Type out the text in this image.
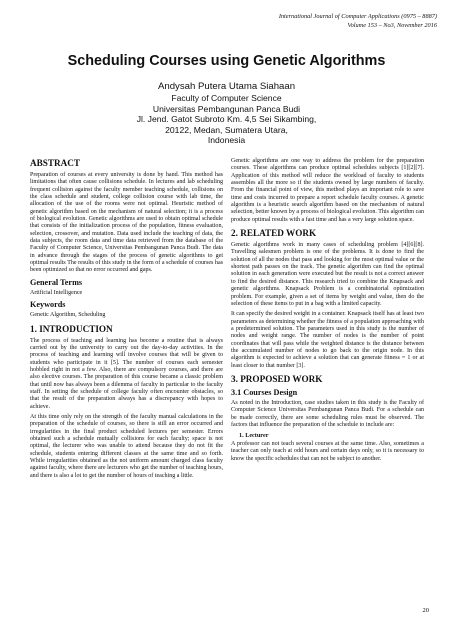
International Journal of Computer Applications (0975 – 8887)
Volume 153 – No3, November 2016
Scheduling Courses using Genetic Algorithms
Andysah Putera Utama Siahaan
Faculty of Computer Science
Universitas Pembangunan Panca Budi
Jl. Jend. Gatot Subroto Km. 4,5 Sei Sikambing,
20122, Medan, Sumatera Utara,
Indonesia
ABSTRACT

Preparation of courses at every university is done by hand. This method has limitations that often cause collisions schedule. In lectures and lab scheduling frequent collision against the faculty member teaching schedule, collisions on the class schedule and student, college collision course with lab time, the allocation of the use of the rooms were not optimal. Heuristic method of genetic algorithm based on the mechanism of natural selection; it is a process of biological evolution. Genetic algorithms are used to obtain optimal schedule that consists of the initialization process of the population, fitness evaluation, selection, crossover, and mutation. Data used include the teaching of data, the data subjects, the room data and time data retrieved from the database of the Faculty of Computer Science, Universitas Pembangunan Panca Budi. The data in advance through the stages of the process of genetic algorithms to get optimal results The results of this study in the form of a schedule of courses has been optimized so that no error occurred and gaps.

General Terms

Artificial Intelligence

Keywords

Genetic Algorithm, Scheduling

1. INTRODUCTION

The process of teaching and learning has become a routine that is always carried out by the university to carry out the day-to-day activities. In the process of teaching and learning will involve courses that will be given to students who participate in it [5]. The number of courses each semester hobbled right in not a few. Also, there are compulsory courses, and there are also elective courses. The preparation of this course became a classic problem that until now has always been a dilemma of faculty in particular to the faculty staff. In setting the schedule of college faculty often encounter obstacles, so that the result of the preparation always has a discrepancy with hopes to achieve.

At this time only rely on the strength of the faculty manual calculations in the preparation of the schedule of courses, so there is still an error occurred and irregularities in the final product scheduled lectures per semester. Errors obtained such a schedule mutually collisions for each faculty; space is not optimal, the lecturer who was unable to attend because they do not fit the schedule, students entering different classes at the same time and so forth. While irregularities obtained as the not uniform amount charged class faculty against faculty, where there are lecturers who get the number of teaching hours, and there is also a lot to get the number of hours of teaching a little.

Genetic algorithms are one way to address the problem for the preparation courses. These algorithms can produce optimal schedules subjects [1][2][7]. Application of this method will reduce the workload of faculty to students assembles all the more so if the students owned by large numbers of faculty. From the financial point of view, this method plays an important role to save time and costs incurred to prepare a report schedule faculty courses. A genetic algorithm is a heuristic search algorithm based on the mechanism of natural selection, better known by a process of biological evolution. This algorithm can produce optimal results with a fast time and has a very large solution space.

2. RELATED WORK

Genetic algorithms work in many cases of scheduling problem [4][6][8]. Travelling salesmen problem is one of the problems. It is done to find the solution of all the nodes that pass and looking for the most optimal value or the shortest path passes on the track. The genetic algorithm can find the optimal solution in each generation were executed but the result is not a correct answer to find the desired distance. This research tried to combine the Knapsack and genetic algorithms. Knapsack Problem is a combinatorial optimization problem. For example, given a set of items by weight and value, then do the selection of these items to put in a bag with a limited capacity.

It can specify the desired weight in a container. Knapsack itself has at least two parameters as determining whether the fitness of a population approaching with a predetermined solution. The parameters used in this study is the number of nodes and weight range. The number of nodes is the number of point coordinates that will pass while the weighted distance is the distance between the accumulated number of nodes to go back to the origin node. In this algorithm is expected to achieve a solution that can generate fitness = 1 or at least closer to that number [3].

3. PROPOSED WORK
3.1 Courses Design

As noted in the Introduction, case studies taken in this study is the Faculty of Computer Science Universitas Pembangunan Panca Budi. For a schedule can be made correctly, there are some scheduling rules must be observed. The factors that influence the preparation of the schedule to include are:

1. Lecturer

A professor can not teach several courses at the same time. Also, sometimes a teacher can only teach at odd hours and certain days only, so it is necessary to know the specific schedules that can not be subject to another.

20
